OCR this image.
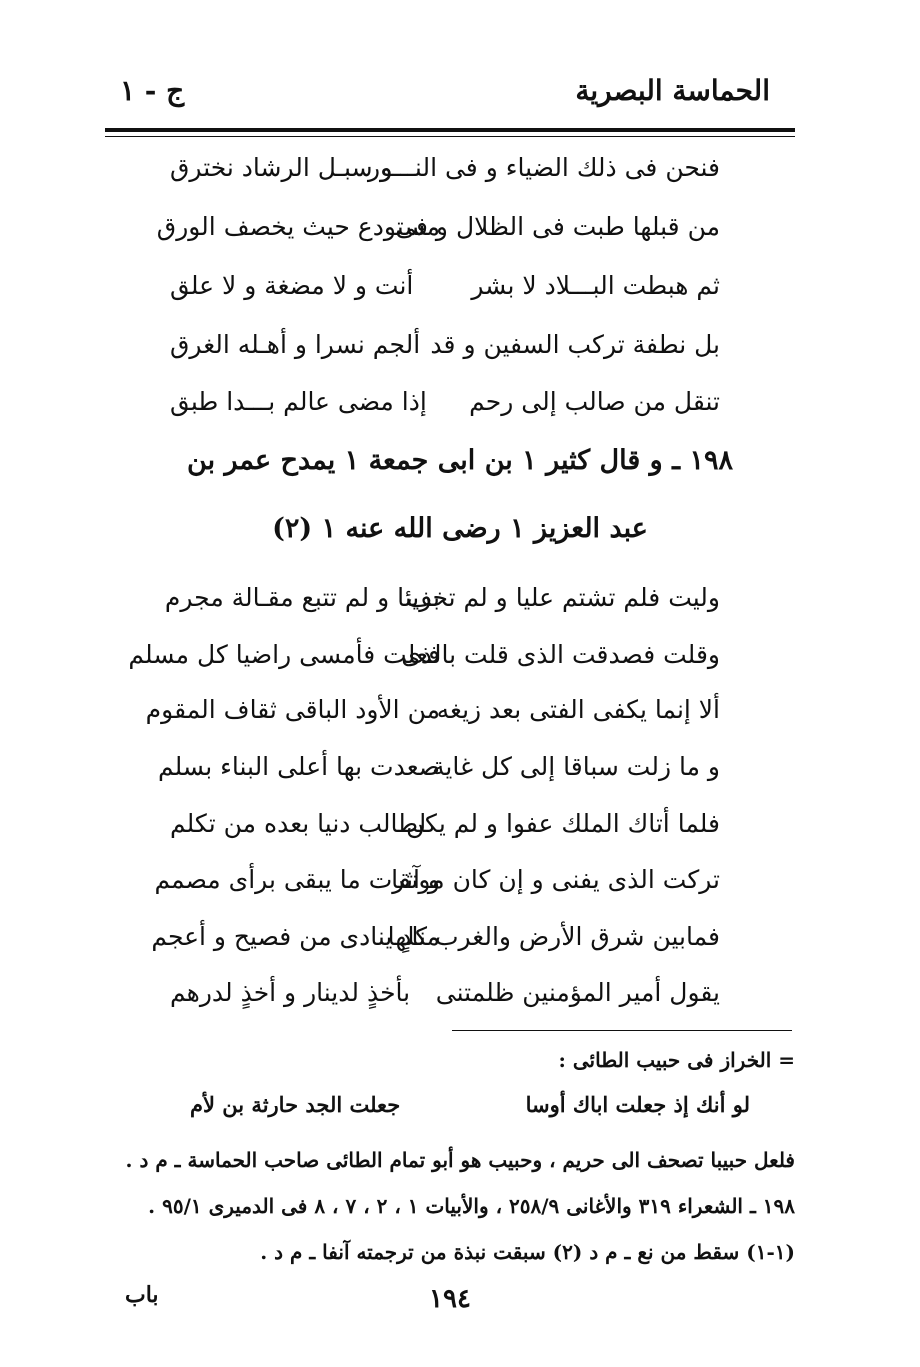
الحماسة البصرية
ج - ١
فنحن فى ذلك الضياء و فى النـــور
و سبـل الرشاد نخترق
من قبلها طبت فى الظلال و فى
مستودع حيث يخصف الورق
ثم هبطت البـــلاد لا بشر
أنت و لا مضغة و لا علق
بل نطفة تركب السفين و قد
ألجم نسرا و أهـله الغرق
تنقل من صالب إلى رحم
إذا مضى عالم بـــدا طبق
١٩٨ ـ و قال كثير ١ بن ابى جمعة ١ يمدح عمر بن
عبد العزيز ١ رضى الله عنه ١ (٢)
وليت فلم تشتم عليا و لم تخف
بريئا و لم تتبع مقـالة مجرم
وقلت فصدقت الذى قلت بالذى
فعلت فأمسى راضيا كل مسلم
ألا إنما يكفى الفتى بعد زيغه
من الأود الباقى ثقاف المقوم
و ما زلت سباقا إلى كل غاية
صعدت بها أعلى البناء بسلم
فلما أتاك الملك عفوا و لم يكن
لطالب دنيا بعده من تكلم
تركت الذى يفنى و إن كان مونقا
و آثرت ما يبقى برأى مصمم
فمابين شرق الأرض والغرب كلها
منادٍ ينادى من فصيح و أعجم
يقول أمير المؤمنين ظلمتنى
بأخذٍ لدينار و أخذٍ لدرهم
= الخراز فى حبيب الطائى :
لو أنك إذ جعلت اباك أوسا
جعلت الجد حارثة بن لأم
فلعل حبيبا تصحف الى حريم ، وحبيب هو أبو تمام الطائى صاحب الحماسة ـ م د .
١٩٨ ـ الشعراء ٣١٩ والأغانى ٢٥٨/٩ ، والأبيات ١ ، ٢ ، ٧ ، ٨ فى الدميرى ٩٥/١ .
(١-١) سقط من نع ـ م د (٢) سبقت نبذة من ترجمته آنفا ـ م د .
١٩٤
باب
